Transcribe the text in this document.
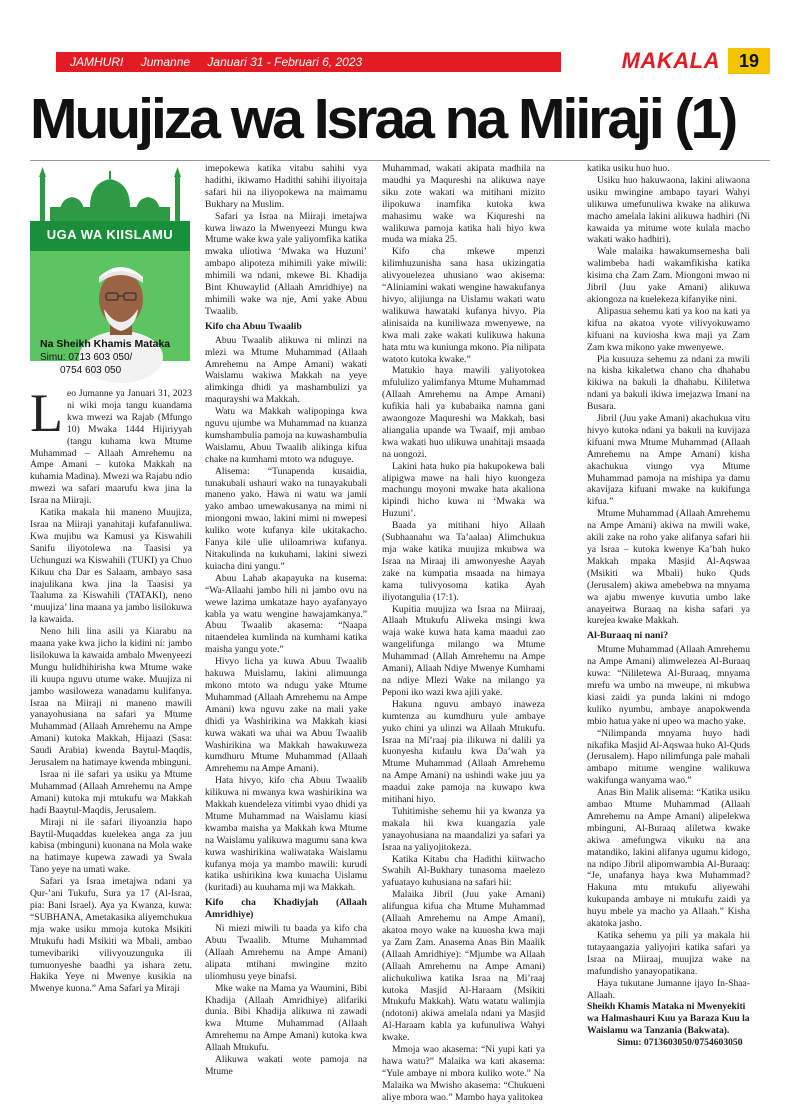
JAMHURI Jumanne Januari 31 - Februari 6, 2023	MAKALA	19
Muujiza wa Israa na Miiraji (1)
UGA WA KIISLAMU
Na Sheikh Khamis Mataka
Simu: 0713 603 050/
0754 603 050

Leo Jumanne ya Januari 31, 2023 ni wiki moja tangu kuandama kwa mwezi wa Rajab (Mfungo 10) Mwaka 1444 Hijiriyyah (tangu kuhama kwa Mtume Muhammad – Allaah Amrehemu na Ampe Amani – kutoka Makkah na kuhamia Madina). Mwezi wa Rajabu ndio mwezi wa safari maarufu kwa jina la Israa na Miiraji.

Katika makala hii maneno Muujiza, Israa na Miiraji yanahitaji kufafanuliwa. Kwa mujibu wa Kamusi ya Kiswahili Sanifu iliyotolewa na Taasisi ya Uchunguzi wa Kiswahili (TUKI) ya Chuo Kikuu cha Dar es Salaam, ambayo sasa inajulikana kwa jina la Taasisi ya Taaluma za Kiswahili (TATAKI), neno ‘muujiza’ lina maana ya jambo lisilokuwa la kawaida.

Neno hili lina asili ya Kiarabu na maana yake kwa jicho la kidini ni: jambo lisilokuwa la kawaida ambalo Mwenyeezi Mungu hulidhihirisha kwa Mtume wake ili kuupa nguvu utume wake. Muujiza ni jambo wasiloweza wanadamu kulifanya. Israa na Miiraji ni maneno mawili yanayohusiana na safari ya Mtume Muhammad (Allaah Amrehemu na Ampe Amani) kutoka Makkah, Hijaazi (Sasa: Saudi Arabia) kwenda Baytul-Maqdis, Jerusalem na hatimaye kwenda mbinguni.

Israa ni ile safari ya usiku ya Mtume Muhammad (Allaah Amrehemu na Ampe Amani) kutoka mji mtukufu wa Makkah hadi Baaytul-Maqdis, Jerusalem.

Miraji ni ile safari iliyoanzia hapo Baytil-Muqaddas kuelekea anga za juu kabisa (mbinguni) kuonana na Mola wake na hatimaye kupewa zawadi ya Swala Tano yeye na umati wake.

Safari ya Israa imetajwa ndani ya Qur-’ani Tukufu, Sura ya 17 (Al-Israa, pia: Bani Israel). Aya ya Kwanza, kuwa: “SUBHANA, Ametakasika aliyemchukua mja wake usiku mmoja kutoka Msikiti Mtukufu hadi Msikiti wa Mbali, ambao tumevibariki vilivyouzunguka ili tumuonyeshe baadhi ya ishara zetu. Hakika Yeye ni Mwenye kusikia na Mwenye kuona.” Ama Safari ya Miraji

imepokewa katika vitabu sahihi vya hadithi, ikiwamo Hadithi sahihi iliyoitaja safari hii na iliyopokewa na maimamu Bukhary na Muslim.

Safari ya Israa na Miiraji imetajwa kuwa liwazo la Mwenyeezi Mungu kwa Mtume wake kwa yale yaliyomfika katika mwaka uliotiwa ‘Mwaka wa Huzuni’ ambapo alipoteza mihimili yake miwili: mhimili wa ndani, mkewe Bi. Khadija Bint Khuwaylid (Allaah Amridhiye) na mhimili wake wa nje, Ami yake Abuu Twaalib.

Kifo cha Abuu Twaalib

Abuu Twaalib alikuwa ni mlinzi na mlezi wa Mtume Muhammad (Allaah Amrehemu na Ampe Amani) wakati Waislamu wakiwa Makkah na yeye alimkinga dhidi ya mashambulizi ya maqurayshi wa Makkah.

Watu wa Makkah walipopinga kwa nguvu ujumbe wa Muhammad na kuanza kumshambulia pamoja na kuwashambulia Waislamu, Abuu Twaalib alikinga kifua chake na kumhami mtoto wa nduguye.

Alisema: “Tunapenda kusaidia, tunakubali ushauri wako na tunayakubali maneno yako. Hawa ni watu wa jamii yako ambao umewakusanya na mimi ni miongoni mwao, lakini mimi ni mwepesi kuliko wote kufanya kile ukitakacho. Fanya kile ulie uliloamriwa kufanya. Nitakulinda na kukuhami, lakini siwezi kuiacha dini yangu.”

Abuu Lahab akapayuka na kusema: “Wa-Allaahi jambo hili ni jambo ovu na wewe lazima umkataze hayo ayafanyayo kabla ya watu wengine hawajamkanya.” Abuu Twaalib akasema: “Naapa nitaendelea kumlinda na kumhami katika maisha yangu yote.”

Hivyo licha ya kuwa Abuu Twaalib hakuwa Muislamu, lakini alimuunga mkono mtoto wa ndugu yake Mtume Muhammad (Allaah Amrehemu na Ampe Amani) kwa nguvu zake na mali yake dhidi ya Washirikina wa Makkah kiasi kuwa wakati wa uhai wa Abuu Twaalib Washirikina wa Makkah hawakuweza kumdhuru Mtume Muhammad (Allaah Amrehemu na Ampe Amani).

Hata hivyo, kifo cha Abuu Twaalib kilikuwa ni mwanya kwa washirikina wa Makkah kuendeleza vitimbi vyao dhidi ya Mtume Muhammad na Waislamu kiasi kwamba maisha ya Makkah kwa Mtume na Waislamu yalikuwa magumu sana kwa kuwa washirikina waliwataka Waislamu kufanya moja ya mambo mawili: kurudi katika ushirikina kwa kuuacha Uislamu (kuritadi) au kuuhama mji wa Makkah.

Kifo cha Khadiyjah (Allaah Amridhiye)

Ni miezi miwili tu baada ya kifo cha Abuu Twaalib. Mtume Muhammad (Allaah Amrehemu na Ampe Amani) alipata mtihani mwingine mzito uliomhusu yeye binafsi.

Mke wake na Mama ya Waumini, Bibi Khadija (Allaah Amridhiye) alifariki dunia. Bibi Khadija alikuwa ni zawadi kwa Mtume Muhammad (Allaah Amrehemu na Ampe Amani) kutoka kwa Allaah Mtukufu.

Alikuwa wakati wote pamoja na Mtume

Muhammad, wakati akipata madhila na maudhi ya Maqureshi na alikuwa naye siku zote wakati wa mitihani mizito ilipokuwa inamfika kutoka kwa mahasimu wake wa Kiqureshi na walikuwa pamoja katika hali hiyo kwa muda wa miaka 25.

Kifo cha mkewe mpenzi kilimhuzunisha sana hasa ukizingatia alivyouelezea uhusiano wao akisema: “Aliniamini wakati wengine hawakufanya hivyo, alijiunga na Uislamu wakati watu walikuwa hawataki kufanya hivyo. Pia alinisaida na kuniliwaza mwenyewe, na kwa mali zake wakati kulikuwa hakuna hata mtu wa kuniunga mkono. Pia nilipata watoto kutoka kwake.”

Matukio haya mawili yaliyotokea mfululizo yalimfanya Mtume Muhammad (Allaah Amrehemu na Ampe Amani) kufikia hali ya kubabaika namna gani awaongoze Maqureshi wa Makkah, basi aliangalia upande wa Twaaif, mji ambao kwa wakati huo ulikuwa unahitaji msaada na uongozi.

Lakini hata huko pia hakupokewa bali alipigwa mawe na hali hiyo kuongeza machungu moyoni mwake hata akaliona kipindi hicho kuwa ni ‘Mwaka wa Huzuni’.

Baada ya mitihani hiyo Allaah (Subhaanahu wa Ta’aalaa) Alimchukua mja wake katika muujiza mkubwa wa Israa na Miraaj ili amwonyeshe Aayah zake na kumpatia msaada na himaya kama tulivyosoma katika Ayah iliyotangulia (17:1).

Kupitia muujiza wa Israa na Miiraaj, Allaah Mtukufu Aliweka msingi kwa waja wake kuwa hata kama maadui zao wangelifunga milango wa Mtume Muhammad (Allah Amrehemu na Ampe Amani), Allaah Ndiye Mwenye Kumhami na ndiye Mlezi Wake na milango ya Peponi iko wazi kwa ajili yake.

Hakuna nguvu ambayo inaweza kumtenza au kumdhuru yule ambaye yuko chini ya ulinzi wa Allaah Mtukufu. Israa na Mi’raaj pia ilikuwa ni dalili ya kuonyesha kufaulu kwa Da’wah ya Mtume Muhammad (Allaah Amrehemu na Ampe Amani) na ushindi wake juu ya maadui zake pamoja na kuwapo kwa mitihani hiyo.

Tuhitimishe sehemu hii ya kwanza ya makala hii kwa kuangazia yale yanayohusiana na maandalizi ya safari ya Israa na yaliyojitokeza.

Katika Kitabu cha Hadithi kiitwacho Swahih Al-Bukhary tunasoma maelezo yafuatayo kuhusiana na safari hii:

Malaika Jibril (Juu yake Amani) alifungua kifua cha Mtume Muhammad (Allaah Amrehemu na Ampe Amani), akatoa moyo wake na kuuosha kwa maji ya Zam Zam. Anasema Anas Bin Maalik (Allaah Amridhiye): “Mjumbe wa Allaah (Allaah Amrehemu na Ampe Amani) alichukuliwa katika Israa na Mi’raaj kutoka Masjid Al-Haraam (Msikiti Mtukufu Makkah). Watu watatu walimjia (ndotoni) akiwa amelala ndani ya Masjid Al-Haraam kabla ya kufunuliwa Wahyi kwake.

Mmoja wao akasema: “Ni yupi kati ya hawa watu?” Malaika wa kati akasema: “Yule ambaye ni mbora kuliko wote.” Na Malaika wa Mwisho akasema: “Chukueni aliye mbora wao.” Mambo haya yalitokea

katika usiku huo huo.

Usiku huo hakuwaona, lakini aliwaona usiku mwingine ambapo tayari Wahyi ulikuwa umefunuliwa kwake na alikuwa macho amelala lakini alikuwa hadhiri (Ni kawaida ya mitume wote kulala macho wakati wako hadhiri).

Wale malaika hawakumsemesha bali walimbeba hadi wakamfikisha katika kisima cha Zam Zam. Miongoni mwao ni Jibril (Juu yake Amani) alikuwa akiongoza na kuelekeza kifanyike nini.

Alipasua sehemu kati ya koo na kati ya kifua na akatoa vyote vilivyokuwamo kifuani na kuviosha kwa maji ya Zam Zam kwa mikono yake mwenyewe.

Pia kusuuza sehemu za ndani za mwili na kisha kikaletwa chano cha dhahabu kikiwa na bakuli la dhahabu. Kililetwa ndani ya bakuli ikiwa imejazwa Imani na Busara.

Jibril (Juu yake Amani) akachukua vitu hivyo kutoka ndani ya bakuli na kuvijaza kifuani mwa Mtume Muhammad (Allaah Amrehemu na Ampe Amani) kisha akachukua viungo vya Mtume Muhammad pamoja na mishipa ya damu akavijaza kifuani mwake na kukifunga kifua.”

Mtume Muhammad (Allaah Amrehemu na Ampe Amani) akiwa na mwili wake, akili zake na roho yake alifanya safari hii ya Israa – kutoka kwenye Ka’bah huko Makkah mpaka Masjid Al-Aqswaa (Msikiti wa Mbali) huko Quds (Jerusalem) akiwa amebebwa na mnyama wa ajabu mwenye kuvutia umbo lake anayeitwa Buraaq na kisha safari ya kurejea kwake Makkah.

Al-Buraaq ni nani?

Mtume Muhammad (Allaah Amrehemu na Ampe Amani) alimwelezea Al-Buraaq kuwa: “Nililetewa Al-Buraaq, mnyama mrefu wa umbo na mweupe, ni mkubwa kiasi zaidi ya punda lakini ni mdogo kuliko nyumbu, ambaye anapokwenda mbio hatua yake ni upeo wa macho yake.

“Nilimpanda mnyama huyo hadi nikafika Masjid Al-Aqswaa huko Al-Quds (Jerusalem). Hapo nilimfunga pale mahali ambapo mitume wengine walikuwa wakifunga wanyama wao.”

Anas Bin Malik alisema: “Katika usiku ambao Mtume Muhammad (Allaah Amrehemu na Ampe Amani) alipelekwa mbinguni, Al-Buraaq aliletwa kwake akiwa amefungwa vikuku na ana matandiko, lakini alifanya ugumu kidogo, na ndipo Jibril alipomwambia Al-Buraaq: “Je, unafanya haya kwa Muhammad? Hakuna mtu mtukufu aliyewahi kukupanda ambaye ni mtukufu zaidi ya huyu mbele ya macho ya Allaah.” Kisha akatoka jasho.

Katika sehemu ya pili ya makala hii tutayaangazia yaliyojiri katika safari ya Israa na Miiraaj, muujiza wake na mafundisho yanayopatikana.

Haya tukutane Jumanne ijayo In-Shaa-Allaah.

Sheikh Khamis Mataka ni Mwenyekiti wa Halmashauri Kuu ya Baraza Kuu la Waislamu wa Tanzania (Bakwata).

Simu: 0713603050/0754603050
